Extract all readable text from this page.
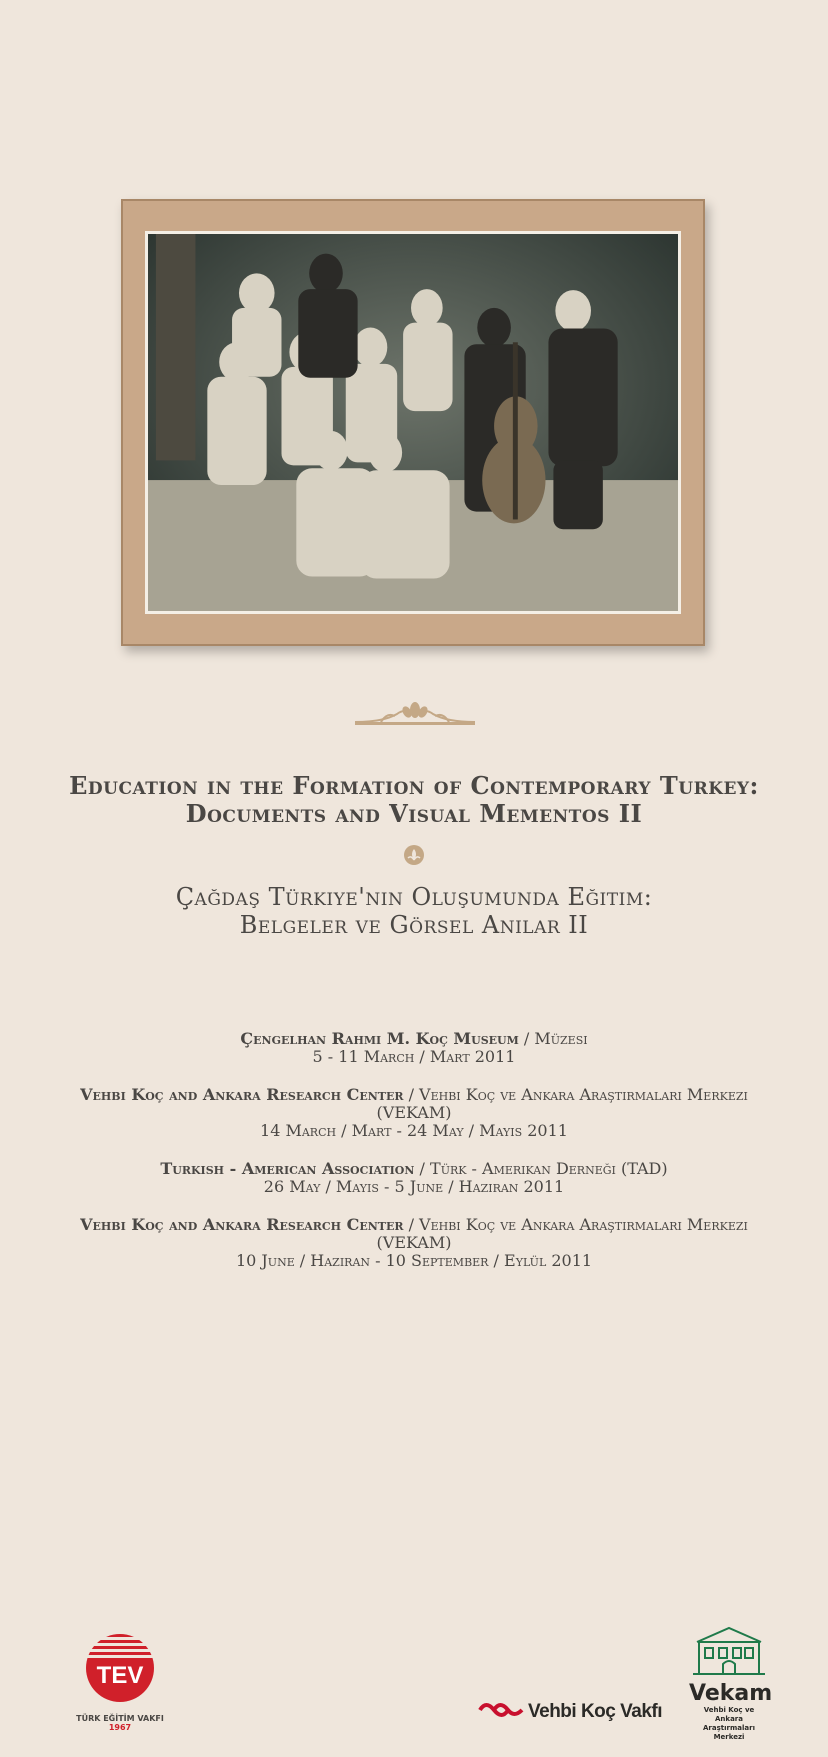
Education in the Formation of Contemporary Turkey:
Documents and Visual Mementos II
Çağdaş Türkiye'nin Oluşumunda Eğitim:
Belgeler ve Görsel Anılar II
Çengelhan Rahmi M. Koç Museum / Müzesi
5 - 11 March / Mart 2011
Vehbi Koç and Ankara Research Center / Vehbi Koç ve Ankara Araştırmaları Merkezi (VEKAM)
14 March / Mart - 24 May / Mayıs 2011
Turkish - American Association / Türk - Amerikan Derneği (TAD)
26 May / Mayıs - 5 June / Haziran 2011
Vehbi Koç and Ankara Research Center / Vehbi Koç ve Ankara Araştırmaları Merkezi (VEKAM)
10 June / Haziran - 10 September / Eylül 2011
TEV
TÜRK EĞİTİM VAKFI
1967
Vehbi Koç Vakfı
Vekam
Vehbi Koç ve Ankara
Araştırmaları Merkezi
